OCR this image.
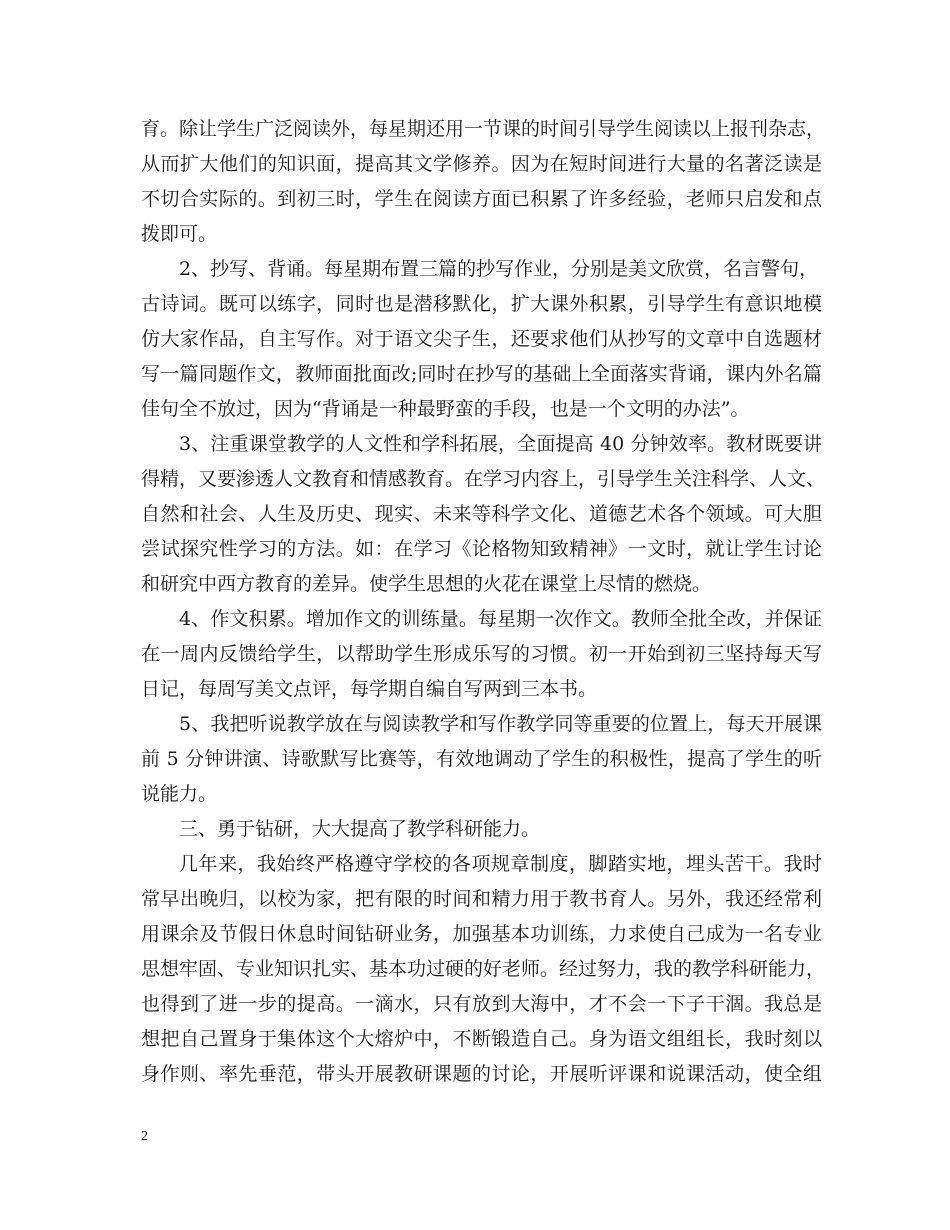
育。除让学生广泛阅读外，每星期还用一节课的时间引导学生阅读以上报刊杂志，
从而扩大他们的知识面，提高其文学修养。因为在短时间进行大量的名著泛读是
不切合实际的。到初三时，学生在阅读方面已积累了许多经验，老师只启发和点
拨即可。
2、抄写、背诵。每星期布置三篇的抄写作业，分别是美文欣赏，名言警句，
古诗词。既可以练字，同时也是潜移默化，扩大课外积累，引导学生有意识地模
仿大家作品，自主写作。对于语文尖子生，还要求他们从抄写的文章中自选题材
写一篇同题作文，教师面批面改;同时在抄写的基础上全面落实背诵，课内外名篇
佳句全不放过，因为“背诵是一种最野蛮的手段，也是一个文明的办法”。
3、注重课堂教学的人文性和学科拓展，全面提高 40 分钟效率。教材既要讲
得精，又要渗透人文教育和情感教育。在学习内容上，引导学生关注科学、人文、
自然和社会、人生及历史、现实、未来等科学文化、道德艺术各个领域。可大胆
尝试探究性学习的方法。如：在学习《论格物知致精神》一文时，就让学生讨论
和研究中西方教育的差异。使学生思想的火花在课堂上尽情的燃烧。
4、作文积累。增加作文的训练量。每星期一次作文。教师全批全改，并保证
在一周内反馈给学生，以帮助学生形成乐写的习惯。初一开始到初三坚持每天写
日记，每周写美文点评，每学期自编自写两到三本书。
5、我把听说教学放在与阅读教学和写作教学同等重要的位置上，每天开展课
前 5 分钟讲演、诗歌默写比赛等，有效地调动了学生的积极性，提高了学生的听
说能力。
三、勇于钻研，大大提高了教学科研能力。
几年来，我始终严格遵守学校的各项规章制度，脚踏实地，埋头苦干。我时
常早出晚归，以校为家，把有限的时间和精力用于教书育人。另外，我还经常利
用课余及节假日休息时间钻研业务，加强基本功训练，力求使自己成为一名专业
思想牢固、专业知识扎实、基本功过硬的好老师。经过努力，我的教学科研能力，
也得到了进一步的提高。一滴水，只有放到大海中，才不会一下子干涸。我总是
想把自己置身于集体这个大熔炉中，不断锻造自己。身为语文组组长，我时刻以
身作则、率先垂范，带头开展教研课题的讨论，开展听评课和说课活动，使全组
2
